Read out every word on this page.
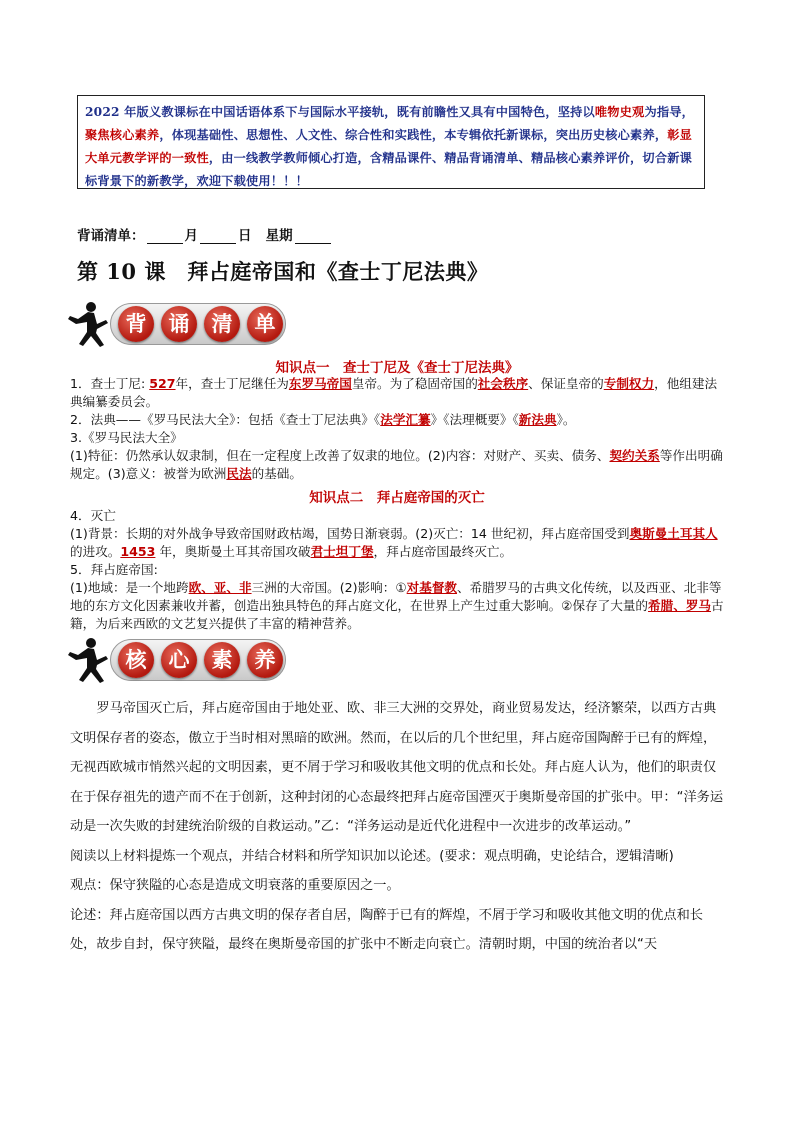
2022 年版义教课标在中国话语体系下与国际水平接轨，既有前瞻性又具有中国特色，坚持以唯物史观为指导，聚焦核心素养，体现基础性、思想性、人文性、综合性和实践性，本专辑依托新课标，突出历史核心素养，彰显大单元教学评的一致性，由一线教学教师倾心打造，含精品课件、精品背诵清单、精品核心素养评价，切合新课标背景下的新教学，欢迎下载使用！！！
背诵清单：	月	日 星期
第 10 课　拜占庭帝国和《查士丁尼法典》
背	诵	清	单
知识点一　查士丁尼及《查士丁尼法典》

1．查士丁尼: 527年，查士丁尼继任为东罗马帝国皇帝。为了稳固帝国的社会秩序、保证皇帝的专制权力，他组建法典编纂委员会。

2．法典——《罗马民法大全》：包括《查士丁尼法典》《法学汇纂》《法理概要》《新法典》。

3.《罗马民法大全》

(1)特征：仍然承认奴隶制，但在一定程度上改善了奴隶的地位。(2)内容：对财产、买卖、债务、契约关系等作出明确规定。(3)意义：被誉为欧洲民法的基础。

知识点二　拜占庭帝国的灭亡

4．灭亡

(1)背景：长期的对外战争导致帝国财政枯竭，国势日渐衰弱。(2)灭亡：14 世纪初，拜占庭帝国受到奥斯曼土耳其人的进攻。1453 年，奥斯曼土耳其帝国攻破君士坦丁堡，拜占庭帝国最终灭亡。

5．拜占庭帝国:

(1)地域：是一个地跨欧、亚、非三洲的大帝国。(2)影响：①对基督教、希腊罗马的古典文化传统，以及西亚、北非等地的东方文化因素兼收并蓄，创造出独具特色的拜占庭文化，在世界上产生过重大影响。②保存了大量的希腊、罗马古籍，为后来西欧的文艺复兴提供了丰富的精神营养。

核	心	素	养

罗马帝国灭亡后，拜占庭帝国由于地处亚、欧、非三大洲的交界处，商业贸易发达，经济繁荣，以西方古典文明保存者的姿态，傲立于当时相对黑暗的欧洲。然而，在以后的几个世纪里，拜占庭帝国陶醉于已有的辉煌，无视西欧城市悄然兴起的文明因素，更不屑于学习和吸收其他文明的优点和长处。拜占庭人认为，他们的职责仅在于保存祖先的遗产而不在于创新，这种封闭的心态最终把拜占庭帝国湮灭于奥斯曼帝国的扩张中。甲：“洋务运动是一次失败的封建统治阶级的自救运动。”乙：“洋务运动是近代化进程中一次进步的改革运动。”

阅读以上材料提炼一个观点，并结合材料和所学知识加以论述。(要求：观点明确，史论结合，逻辑清晰)

观点：保守狭隘的心态是造成文明衰落的重要原因之一。

论述：拜占庭帝国以西方古典文明的保存者自居，陶醉于已有的辉煌，不屑于学习和吸收其他文明的优点和长处，故步自封，保守狭隘，最终在奥斯曼帝国的扩张中不断走向衰亡。清朝时期，中国的统治者以“天
